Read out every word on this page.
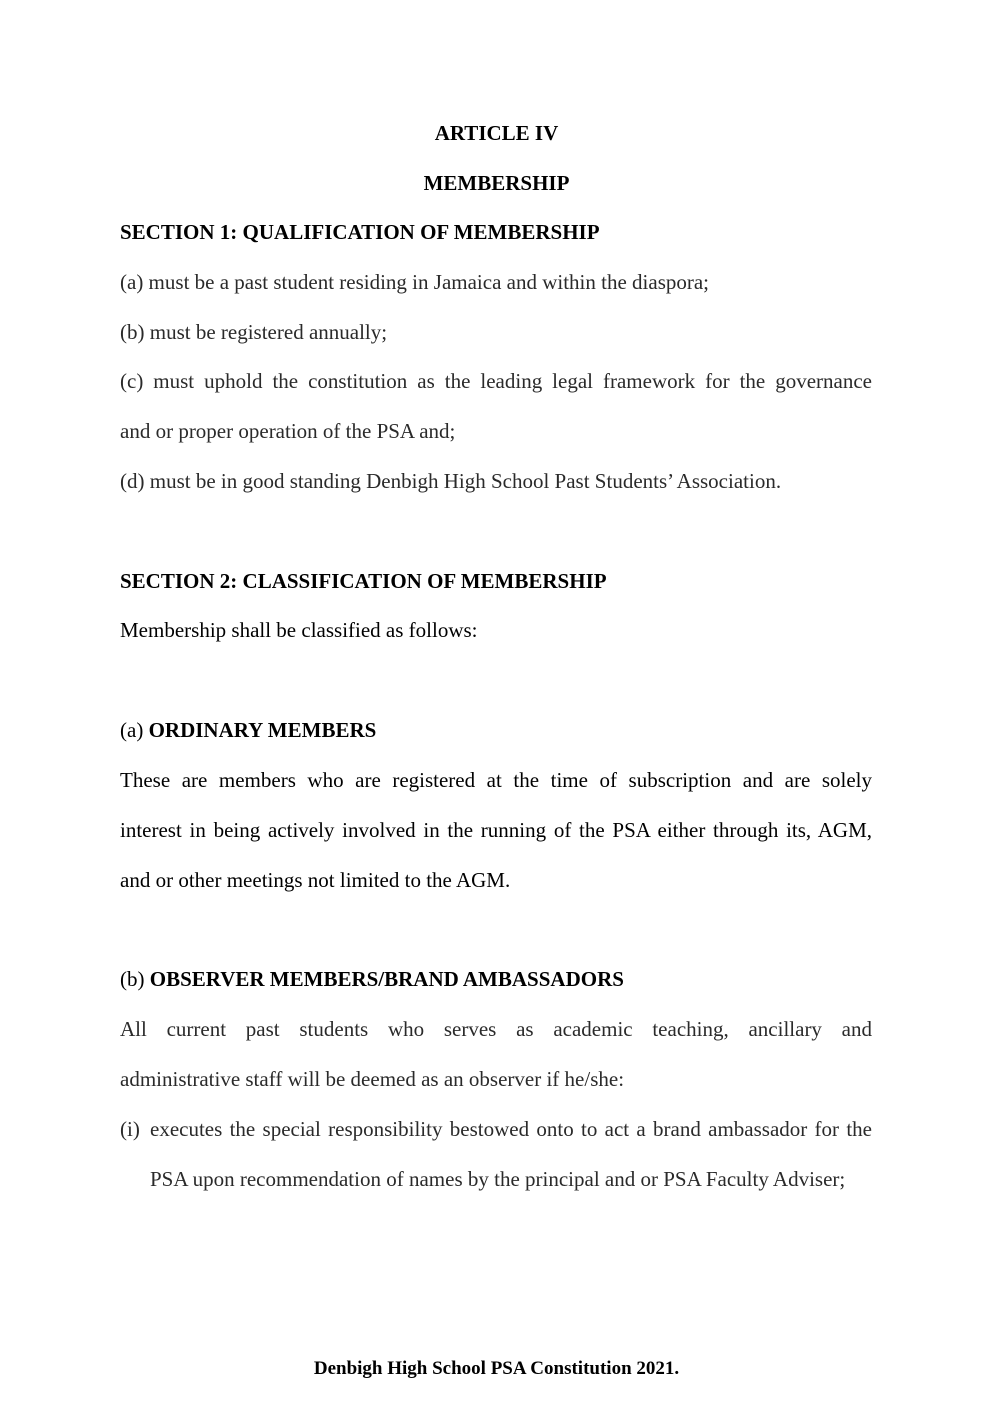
ARTICLE IV
MEMBERSHIP
SECTION 1: QUALIFICATION OF MEMBERSHIP
(a) must be a past student residing in Jamaica and within the diaspora;
(b) must be registered annually;
(c) must uphold the constitution as the leading legal framework for the governance
and or proper operation of the PSA and;
(d) must be in good standing Denbigh High School Past Students’ Association.
SECTION 2: CLASSIFICATION OF MEMBERSHIP
Membership shall be classified as follows:
(a) ORDINARY MEMBERS
These are members who are registered at the time of subscription and are solely
interest in being actively involved in the running of the PSA either through its, AGM,
and or other meetings not limited to the AGM.
(b) OBSERVER MEMBERS/BRAND AMBASSADORS
All current past students who serves as academic teaching, ancillary and
administrative staff will be deemed as an observer if he/she:
(i) executes the special responsibility bestowed onto to act a brand ambassador for the
PSA upon recommendation of names by the principal and or PSA Faculty Adviser;
Denbigh High School PSA Constitution 2021.
